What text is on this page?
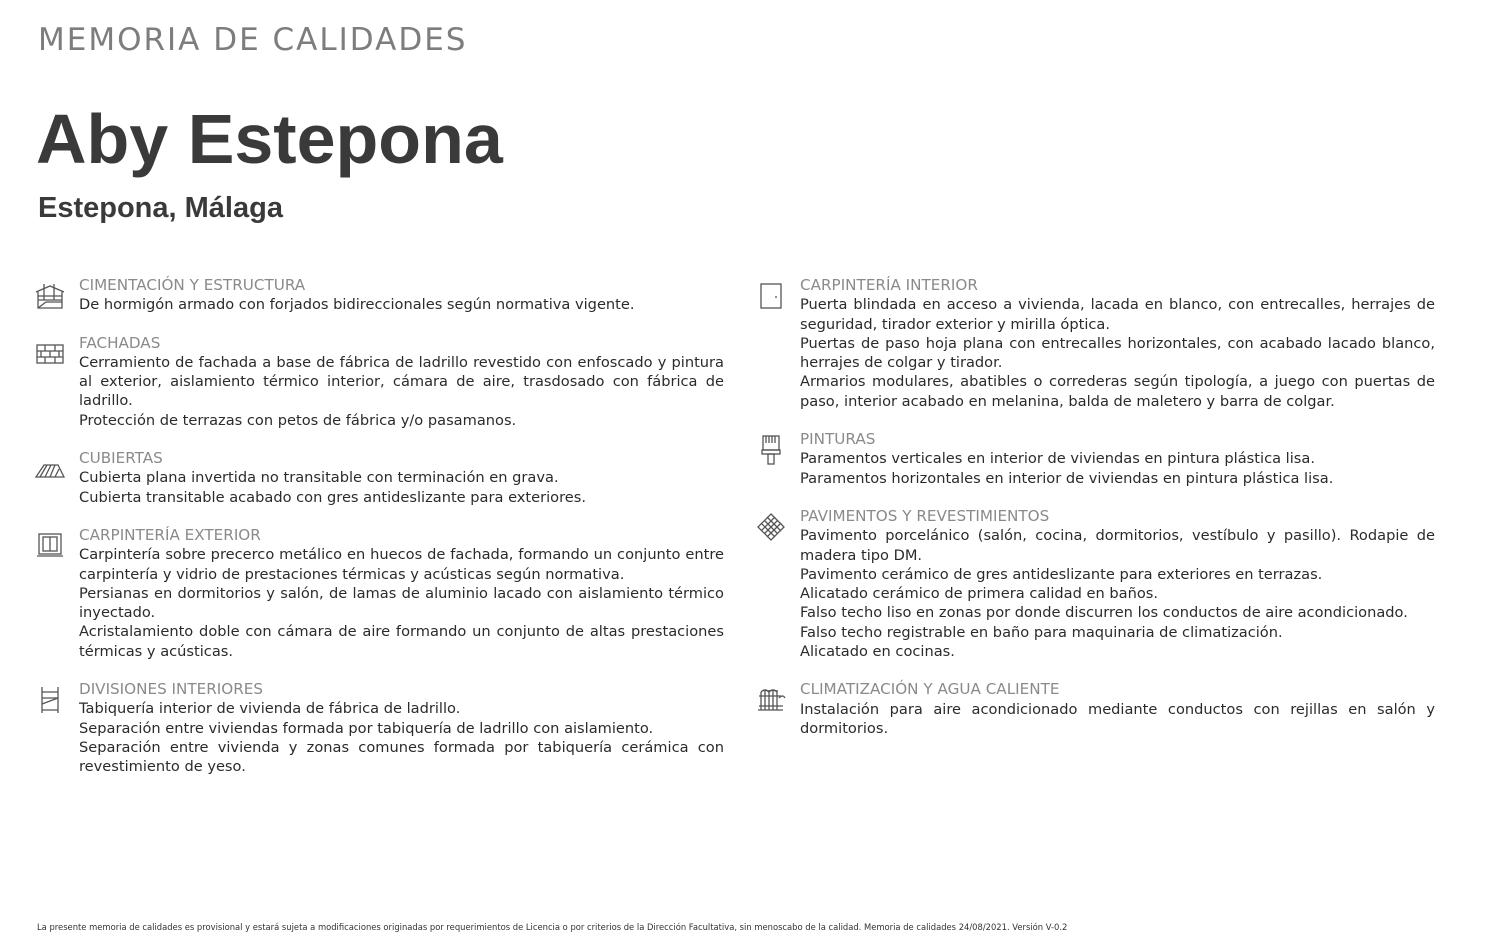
MEMORIA DE CALIDADES
Aby Estepona
Estepona, Málaga
CIMENTACIÓN Y ESTRUCTURA

De hormigón armado con forjados bidireccionales según normativa vigente.

FACHADAS

Cerramiento de fachada a base de fábrica de ladrillo revestido con enfoscado y pintura al exterior, aislamiento térmico interior, cámara de aire, trasdosado con fábrica de ladrillo.

Protección de terrazas con petos de fábrica y/o pasamanos.

CUBIERTAS

Cubierta plana invertida no transitable con terminación en grava.

Cubierta transitable acabado con gres antideslizante para exteriores.

CARPINTERÍA EXTERIOR

Carpintería sobre precerco metálico en huecos de fachada, formando un conjunto entre carpintería y vidrio de prestaciones térmicas y acústicas según normativa.

Persianas en dormitorios y salón, de lamas de aluminio lacado con aislamiento térmico inyectado.

Acristalamiento doble con cámara de aire formando un conjunto de altas prestaciones térmicas y acústicas.

DIVISIONES INTERIORES

Tabiquería interior de vivienda de fábrica de ladrillo.

Separación entre viviendas formada por tabiquería de ladrillo con aislamiento.

Separación entre vivienda y zonas comunes formada por tabiquería cerámica con revestimiento de yeso.

CARPINTERÍA INTERIOR

Puerta blindada en acceso a vivienda, lacada en blanco, con entrecalles, herrajes de seguridad, tirador exterior y mirilla óptica.

Puertas de paso hoja plana con entrecalles horizontales, con acabado lacado blanco, herrajes de colgar y tirador.

Armarios modulares, abatibles o correderas según tipología, a juego con puertas de paso, interior acabado en melanina, balda de maletero y barra de colgar.

PINTURAS

Paramentos verticales en interior de viviendas en pintura plástica lisa.

Paramentos horizontales en interior de viviendas en pintura plástica lisa.

PAVIMENTOS Y REVESTIMIENTOS

Pavimento porcelánico (salón, cocina, dormitorios, vestíbulo y pasillo). Rodapie de madera tipo DM.

Pavimento cerámico de gres antideslizante para exteriores en terrazas.

Alicatado cerámico de primera calidad en baños.

Falso techo liso en zonas por donde discurren los conductos de aire acondicionado.

Falso techo registrable en baño para maquinaria de climatización.

Alicatado en cocinas.

CLIMATIZACIÓN Y AGUA CALIENTE

Instalación para aire acondicionado mediante conductos con rejillas en salón y dormitorios.

La presente memoria de calidades es provisional y estará sujeta a modificaciones originadas por requerimientos de Licencia o por criterios de la Dirección Facultativa, sin menoscabo de la calidad. Memoria de calidades 24/08/2021. Versión V-0.2
